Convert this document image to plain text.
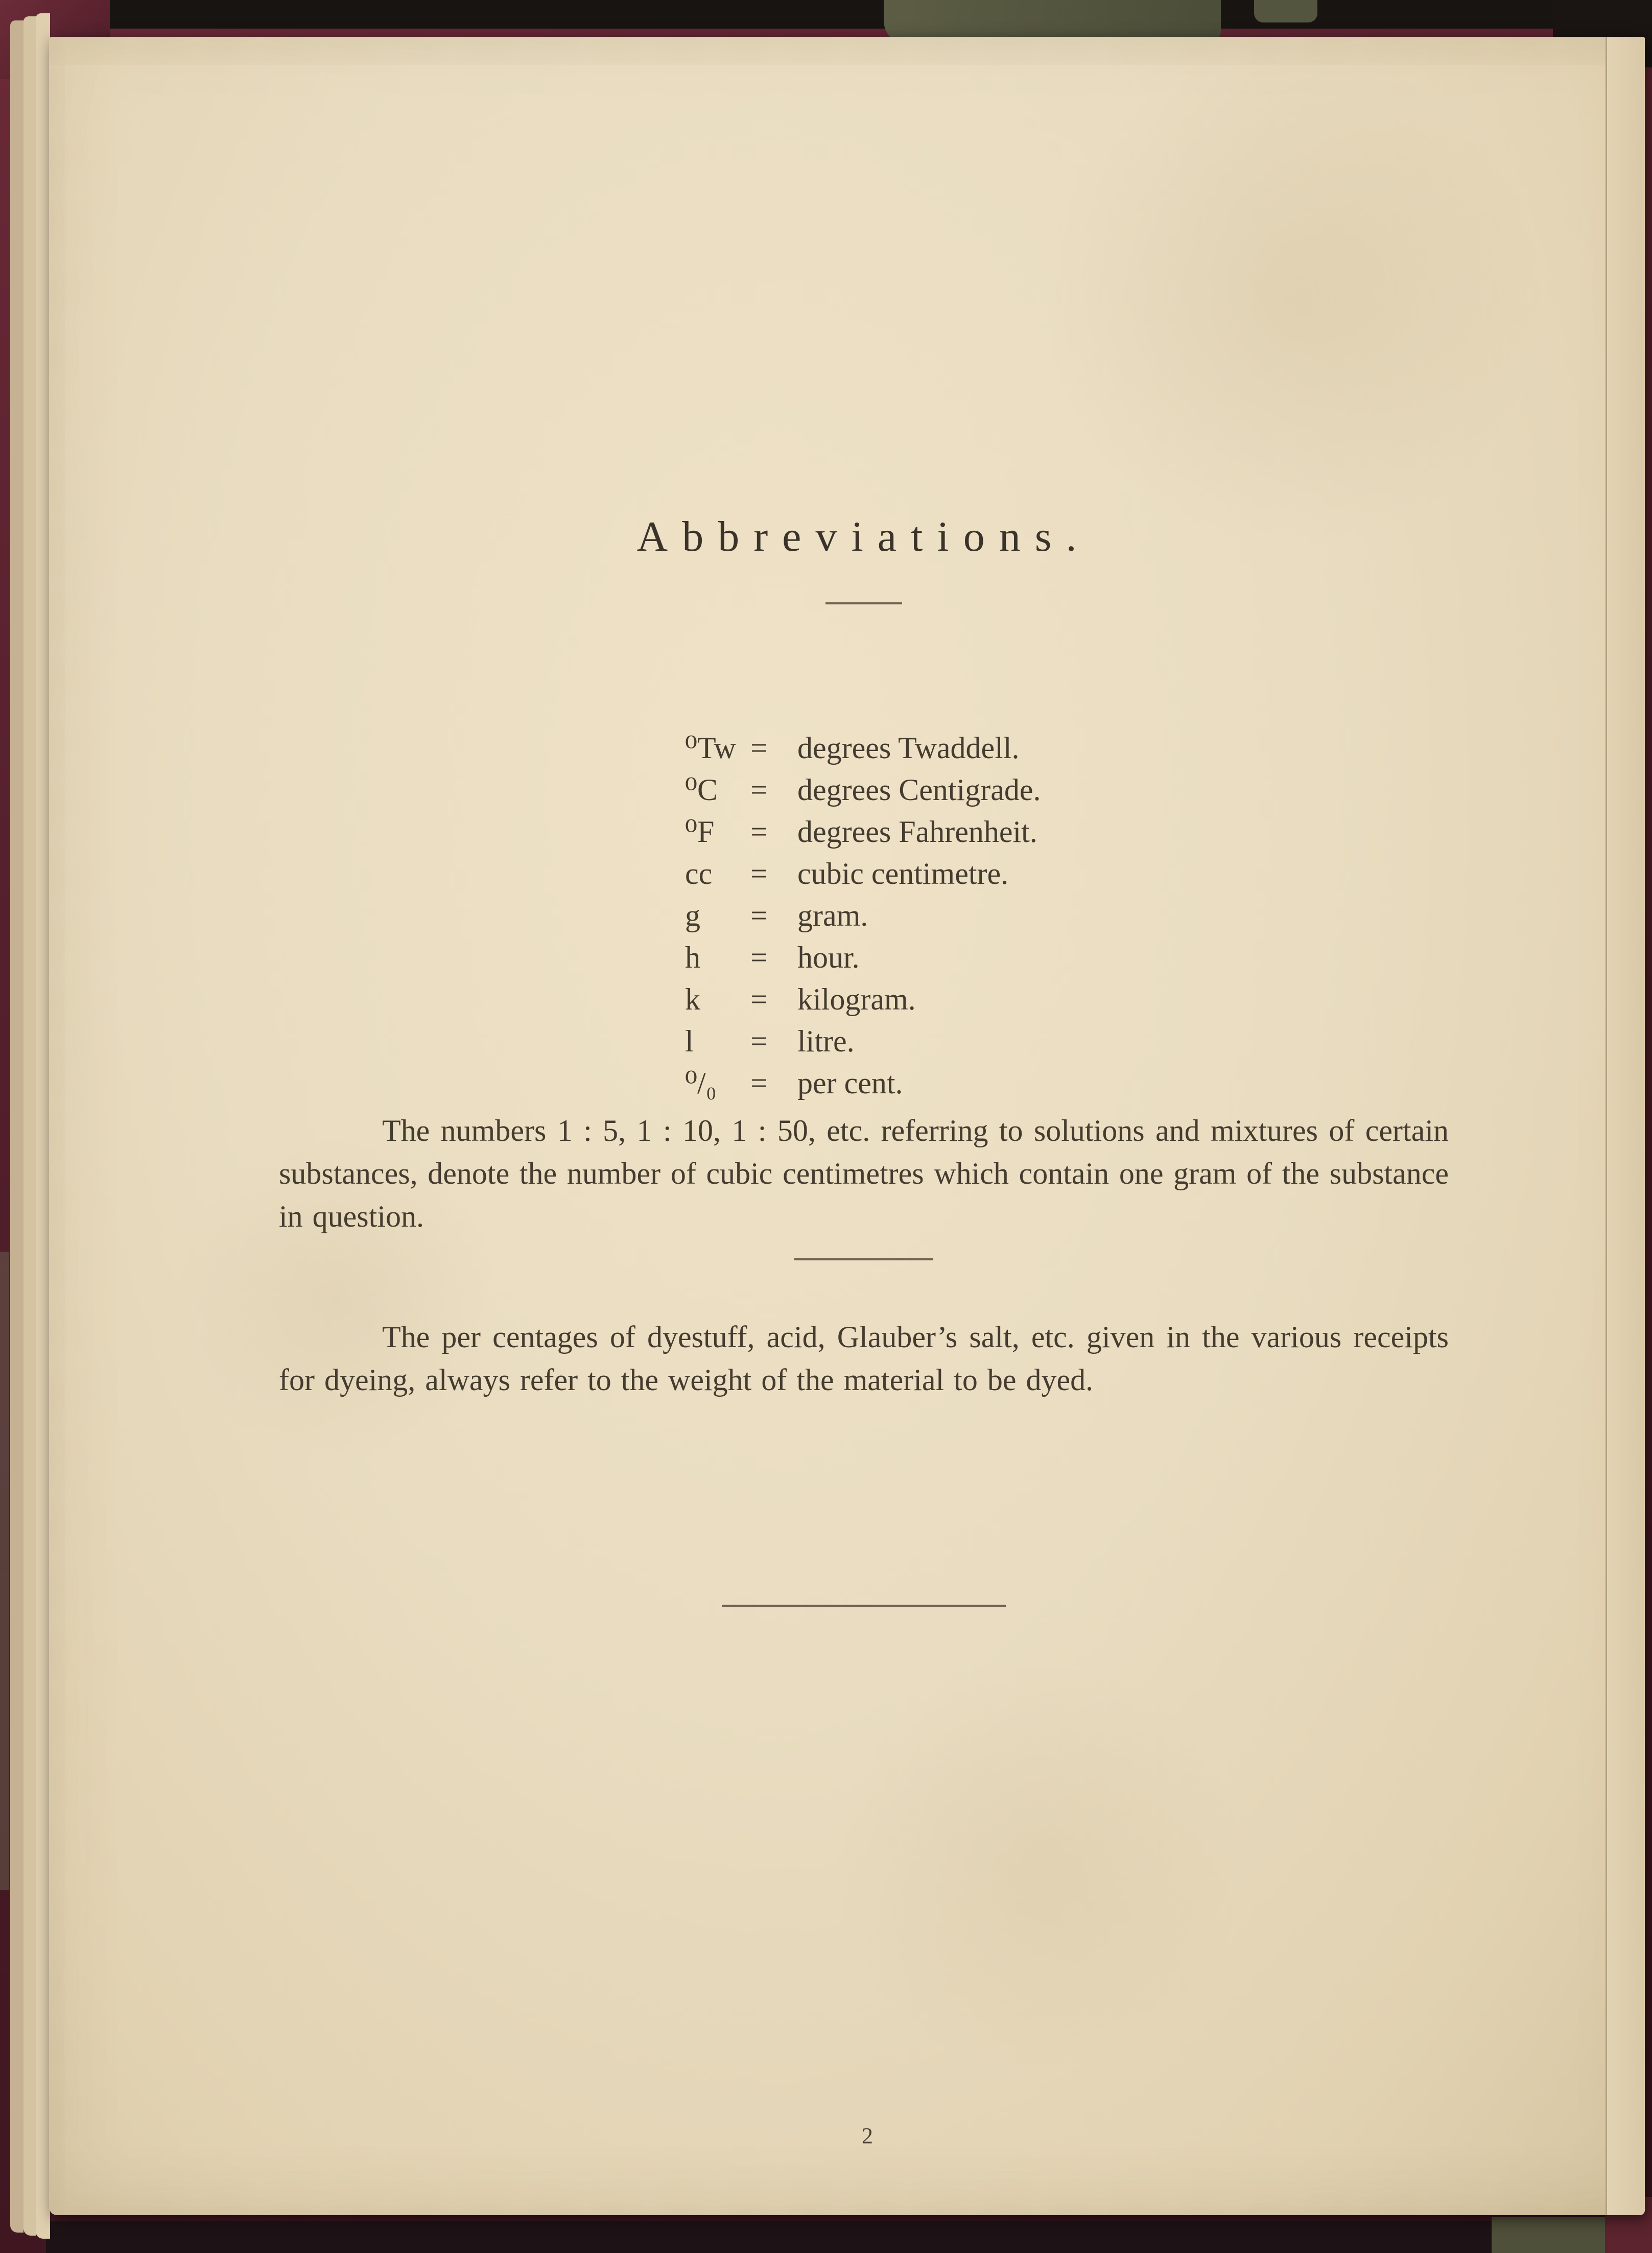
Abbreviations.
⁰Tw = degrees Twaddell.
⁰C	= degrees Centigrade.
⁰F	= degrees Fahrenheit.
cc	= cubic centimetre.
g	= gram.
h	= hour.
k	= kilogram.
l	= litre.
⁰/₀	= per cent.

The numbers 1 : 5, 1 : 10, 1 : 50, etc. referring to solutions and mixtures of certain substances, denote the number of cubic centimetres which contain one gram of the substance in question.

The per centages of dyestuff, acid, Glauber’s salt, etc. given in the various receipts for dyeing, always refer to the weight of the material to be dyed.

2
